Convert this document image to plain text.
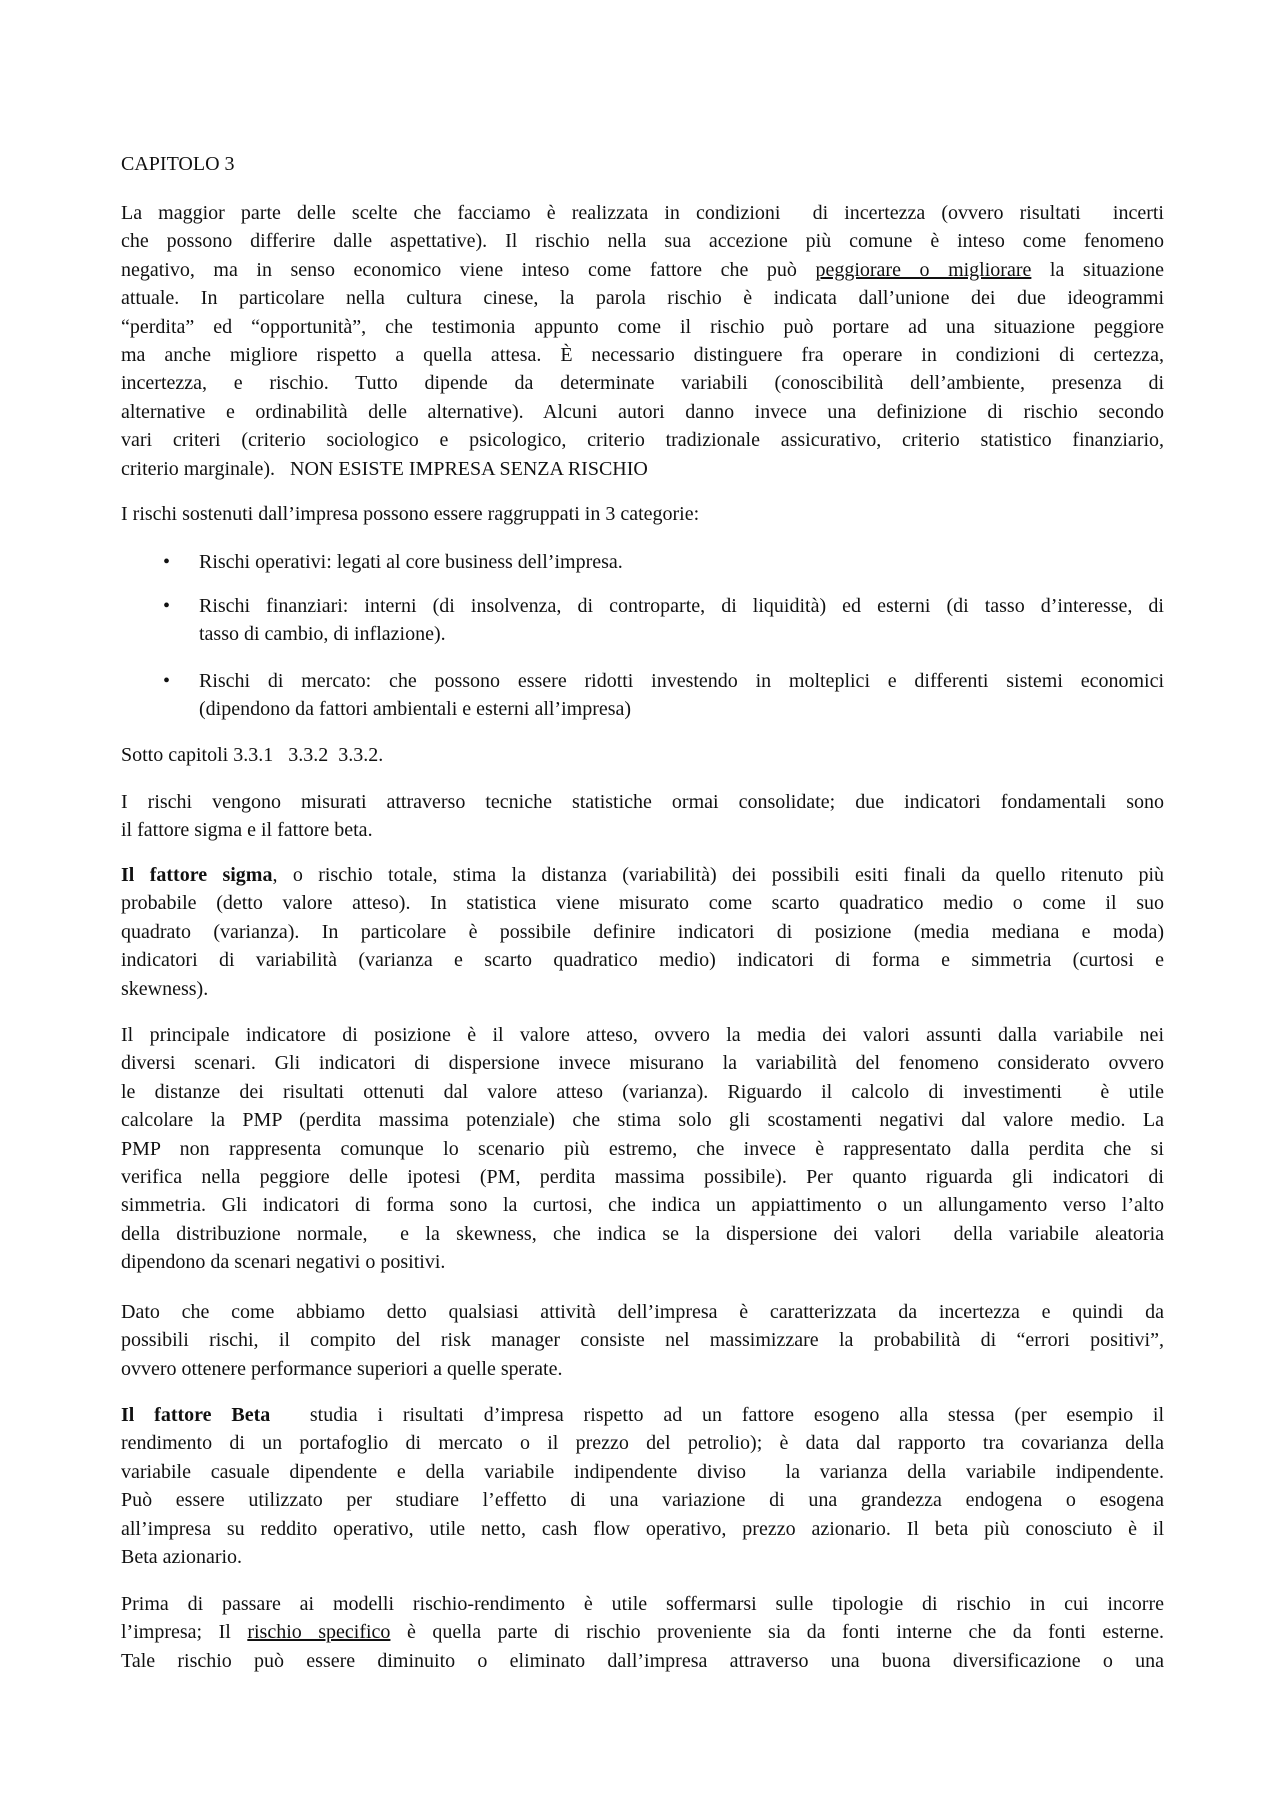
CAPITOLO 3
La maggior parte delle scelte che facciamo è realizzata in condizioni  di incertezza (ovvero risultati  incerti
che possono differire dalle aspettative). Il rischio nella sua accezione più comune è inteso come fenomeno
negativo, ma in senso economico viene inteso come fattore che può peggiorare o migliorare la situazione
attuale. In particolare nella cultura cinese, la parola rischio è indicata dall’unione dei due ideogrammi
“perdita” ed “opportunità”, che testimonia appunto come il rischio può portare ad una situazione peggiore
ma anche migliore rispetto a quella attesa. È necessario distinguere fra operare in condizioni di certezza,
incertezza, e rischio. Tutto dipende da determinate variabili (conoscibilità dell’ambiente, presenza di
alternative e ordinabilità delle alternative). Alcuni autori danno invece una definizione di rischio secondo
vari criteri (criterio sociologico e psicologico, criterio tradizionale assicurativo, criterio statistico finanziario,
criterio marginale).   NON ESISTE IMPRESA SENZA RISCHIO
I rischi sostenuti dall’impresa possono essere raggruppati in 3 categorie:
• Rischi operativi: legati al core business dell’impresa.
• Rischi finanziari: interni (di insolvenza, di controparte, di liquidità) ed esterni (di tasso d’interesse, di
tasso di cambio, di inflazione).
• Rischi di mercato: che possono essere ridotti investendo in molteplici e differenti sistemi economici
(dipendono da fattori ambientali e esterni all’impresa)
Sotto capitoli 3.3.1   3.3.2  3.3.2.
I rischi vengono misurati attraverso tecniche statistiche ormai consolidate; due indicatori fondamentali sono
il fattore sigma e il fattore beta.
Il fattore sigma, o rischio totale, stima la distanza (variabilità) dei possibili esiti finali da quello ritenuto più
probabile (detto valore atteso). In statistica viene misurato come scarto quadratico medio o come il suo
quadrato (varianza). In particolare è possibile definire indicatori di posizione (media mediana e moda)
indicatori di variabilità (varianza e scarto quadratico medio) indicatori di forma e simmetria (curtosi e
skewness).
Il principale indicatore di posizione è il valore atteso, ovvero la media dei valori assunti dalla variabile nei
diversi scenari. Gli indicatori di dispersione invece misurano la variabilità del fenomeno considerato ovvero
le distanze dei risultati ottenuti dal valore atteso (varianza). Riguardo il calcolo di investimenti  è utile
calcolare la PMP (perdita massima potenziale) che stima solo gli scostamenti negativi dal valore medio. La
PMP non rappresenta comunque lo scenario più estremo, che invece è rappresentato dalla perdita che si
verifica nella peggiore delle ipotesi (PM, perdita massima possibile). Per quanto riguarda gli indicatori di
simmetria. Gli indicatori di forma sono la curtosi, che indica un appiattimento o un allungamento verso l’alto
della distribuzione normale,  e la skewness, che indica se la dispersione dei valori  della variabile aleatoria
dipendono da scenari negativi o positivi.
Dato che come abbiamo detto qualsiasi attività dell’impresa è caratterizzata da incertezza e quindi da
possibili rischi, il compito del risk manager consiste nel massimizzare la probabilità di “errori positivi”,
ovvero ottenere performance superiori a quelle sperate.
Il fattore Beta  studia i risultati d’impresa rispetto ad un fattore esogeno alla stessa (per esempio il
rendimento di un portafoglio di mercato o il prezzo del petrolio); è data dal rapporto tra covarianza della
variabile casuale dipendente e della variabile indipendente diviso  la varianza della variabile indipendente.
Può essere utilizzato per studiare l’effetto di una variazione di una grandezza endogena o esogena
all’impresa su reddito operativo, utile netto, cash flow operativo, prezzo azionario. Il beta più conosciuto è il
Beta azionario.
Prima di passare ai modelli rischio-rendimento è utile soffermarsi sulle tipologie di rischio in cui incorre
l’impresa; Il rischio specifico è quella parte di rischio proveniente sia da fonti interne che da fonti esterne.
Tale rischio può essere diminuito o eliminato dall’impresa attraverso una buona diversificazione o una
